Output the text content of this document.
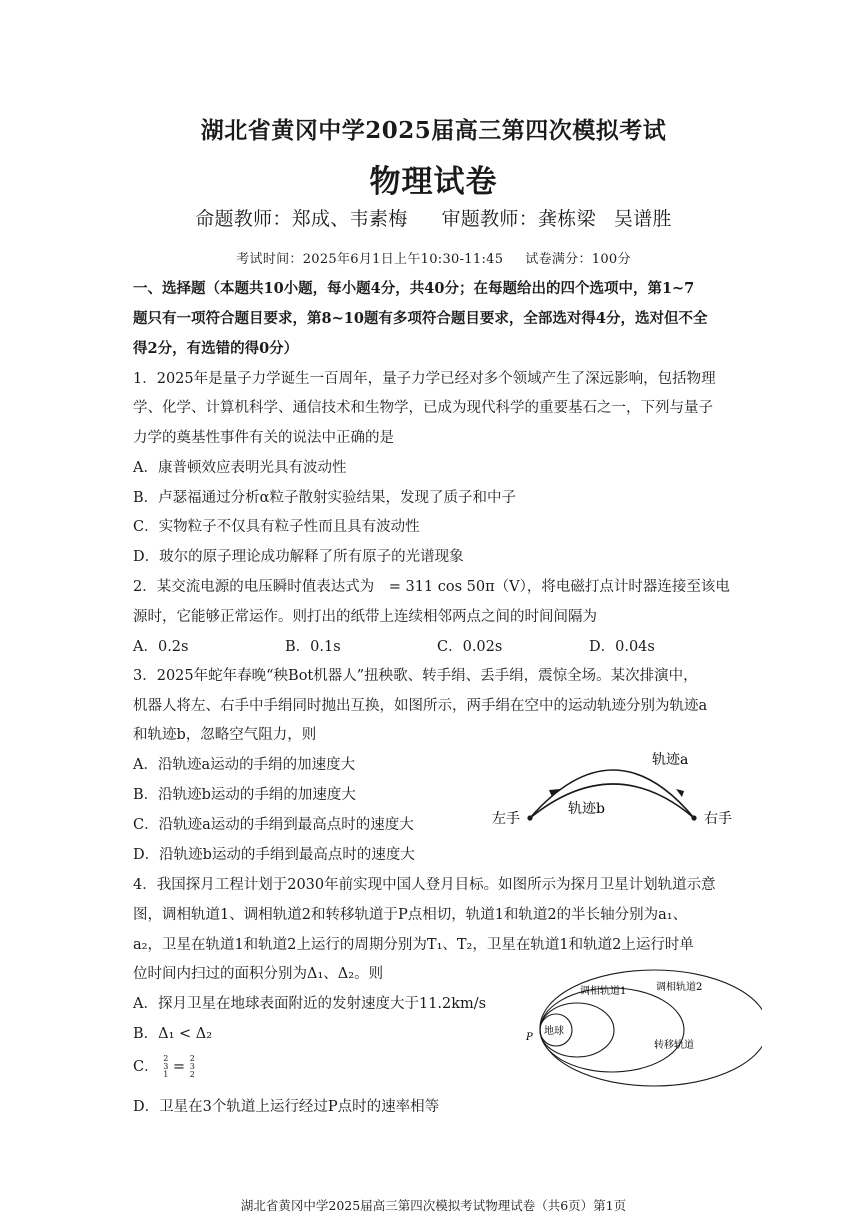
湖北省黄冈中学2025届高三第四次模拟考试
物理试卷
命题教师：郑成、韦素梅 审题教师：龚栋梁 吴谱胜
考试时间：2025年6月1日上午10:30-11:45 试卷满分：100分
一、选择题（本题共10小题，每小题4分，共40分；在每题给出的四个选项中，第1~7
题只有一项符合题目要求，第8~10题有多项符合题目要求，全部选对得4分，选对但不全
得2分，有选错的得0分）
1．2025年是量子力学诞生一百周年，量子力学已经对多个领域产生了深远影响，包括物理
学、化学、计算机科学、通信技术和生物学，已成为现代科学的重要基石之一，下列与量子
力学的奠基性事件有关的说法中正确的是
A．康普顿效应表明光具有波动性
B．卢瑟福通过分析α粒子散射实验结果，发现了质子和中子
C．实物粒子不仅具有粒子性而且具有波动性
D．玻尔的原子理论成功解释了所有原子的光谱现象
2．某交流电源的电压瞬时值表达式为　= 311 cos 50π（V），将电磁打点计时器连接至该电
源时，它能够正常运作。则打出的纸带上连续相邻两点之间的时间间隔为
A．0.2s	B．0.1s	C．0.02s	D．0.04s
3．2025年蛇年春晚“秧Bot机器人”扭秧歌、转手绢、丢手绢，震惊全场。某次排演中，
机器人将左、右手中手绢同时抛出互换，如图所示，两手绢在空中的运动轨迹分别为轨迹a
和轨迹b，忽略空气阻力，则
A．沿轨迹a运动的手绢的加速度大
B．沿轨迹b运动的手绢的加速度大
C．沿轨迹a运动的手绢到最高点时的速度大
D．沿轨迹b运动的手绢到最高点时的速度大
轨迹a
轨迹b
左手	右手
4．我国探月工程计划于2030年前实现中国人登月目标。如图所示为探月卫星计划轨道示意
图，调相轨道1、调相轨道2和转移轨道于P点相切，轨道1和轨道2的半长轴分别为a₁、
a₂，卫星在轨道1和轨道2上运行的周期分别为T₁、T₂，卫星在轨道1和轨道2上运行时单
位时间内扫过的面积分别为Δ₁、Δ₂。则
A．探月卫星在地球表面附近的发射速度大于11.2km/s
B．Δ₁ < Δ₂
C． 2
3
1 = 2
3
2
D．卫星在3个轨道上运行经过P点时的速率相等
地球
P
调相轨道1	调相轨道2
转移轨道
湖北省黄冈中学2025届高三第四次模拟考试物理试卷（共6页）第1页
